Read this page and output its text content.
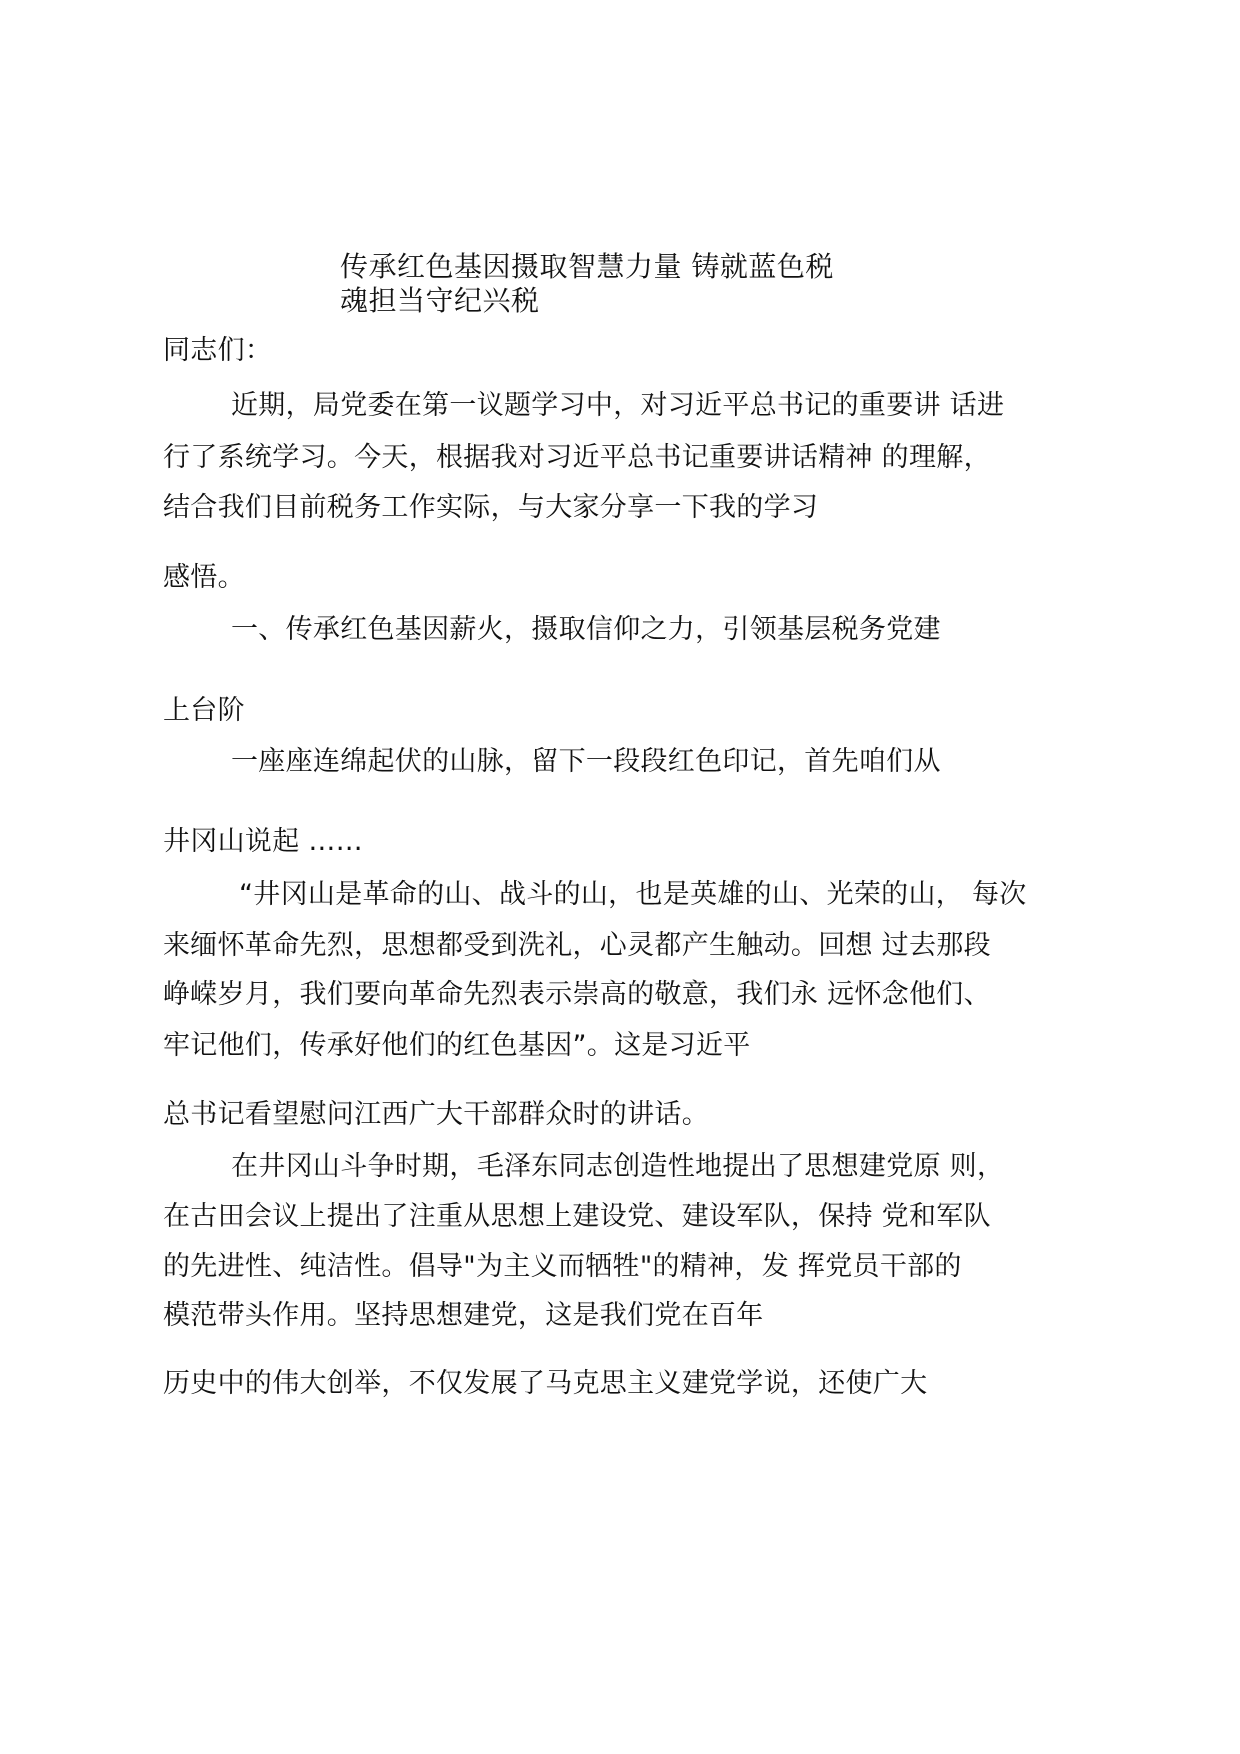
传承红色基因摄取智慧力量 铸就蓝色税
魂担当守纪兴税
同志们：
近期，局党委在第一议题学习中，对习近平总书记的重要讲 话进
行了系统学习。今天，根据我对习近平总书记重要讲话精神 的理解，
结合我们目前税务工作实际，与大家分享一下我的学习
感悟。
一、传承红色基因薪火，摄取信仰之力，引领基层税务党建
上台阶
一座座连绵起伏的山脉，留下一段段红色印记，首先咱们从
井冈山说起 ……
“井冈山是革命的山、战斗的山，也是英雄的山、光荣的山， 每次
来缅怀革命先烈，思想都受到洗礼，心灵都产生触动。回想 过去那段
峥嵘岁月，我们要向革命先烈表示崇高的敬意，我们永 远怀念他们、
牢记他们，传承好他们的红色基因”。这是习近平
总书记看望慰问江西广大干部群众时的讲话。
在井冈山斗争时期，毛泽东同志创造性地提出了思想建党原 则，
在古田会议上提出了注重从思想上建设党、建设军队，保持 党和军队
的先进性、纯洁性。倡导"为主义而牺牲"的精神，发 挥党员干部的
模范带头作用。坚持思想建党，这是我们党在百年
历史中的伟大创举，不仅发展了马克思主义建党学说，还使广大
